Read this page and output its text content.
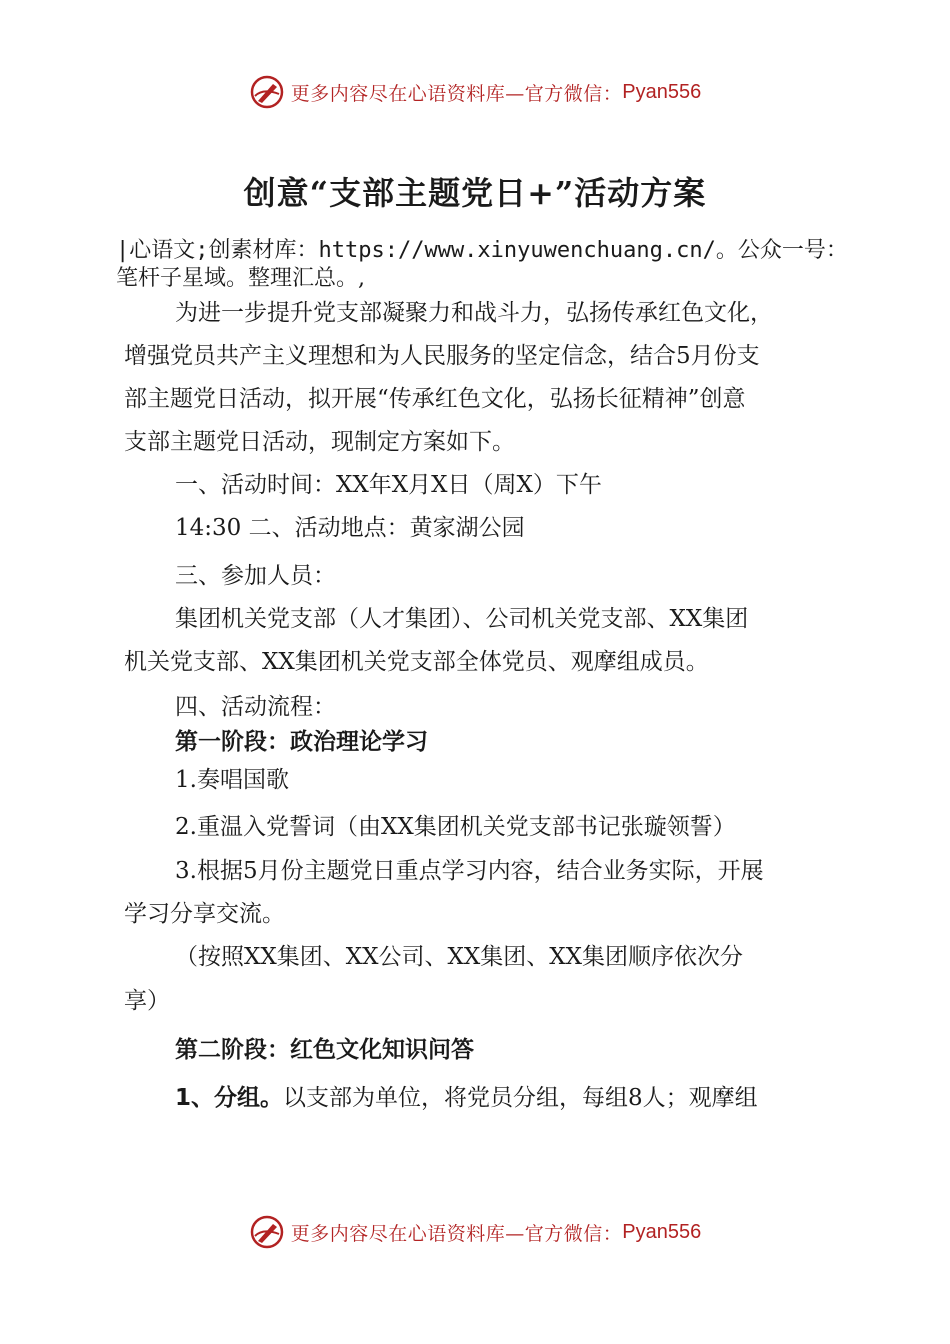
更多内容尽在心语资料库—官方微信： Pyan556
创意“支部主题党日+”活动方案
|心语文;创素材库：https://www.xinyuwenchuang.cn/。公众一号：
笔杆子星域。整理汇总。,
为进一步提升党支部凝聚力和战斗力，弘扬传承红色文化，
增强党员共产主义理想和为人民服务的坚定信念，结合5月份支
部主题党日活动，拟开展“传承红色文化，弘扬长征精神”创意
支部主题党日活动，现制定方案如下。
一、活动时间：XX年X月X日（周X）下午
14:30 二、活动地点：黄家湖公园
三、参加人员：
集团机关党支部（人才集团）、公司机关党支部、XX集团
机关党支部、XX集团机关党支部全体党员、观摩组成员。
四、活动流程：
第一阶段：政治理论学习
1.奏唱国歌
2.重温入党誓词（由XX集团机关党支部书记张璇领誓）
3.根据5月份主题党日重点学习内容，结合业务实际，开展
学习分享交流。
（按照XX集团、XX公司、XX集团、XX集团顺序依次分
享）
第二阶段：红色文化知识问答
1、分组。以支部为单位，将党员分组，每组8人；观摩组
更多内容尽在心语资料库—官方微信： Pyan556
